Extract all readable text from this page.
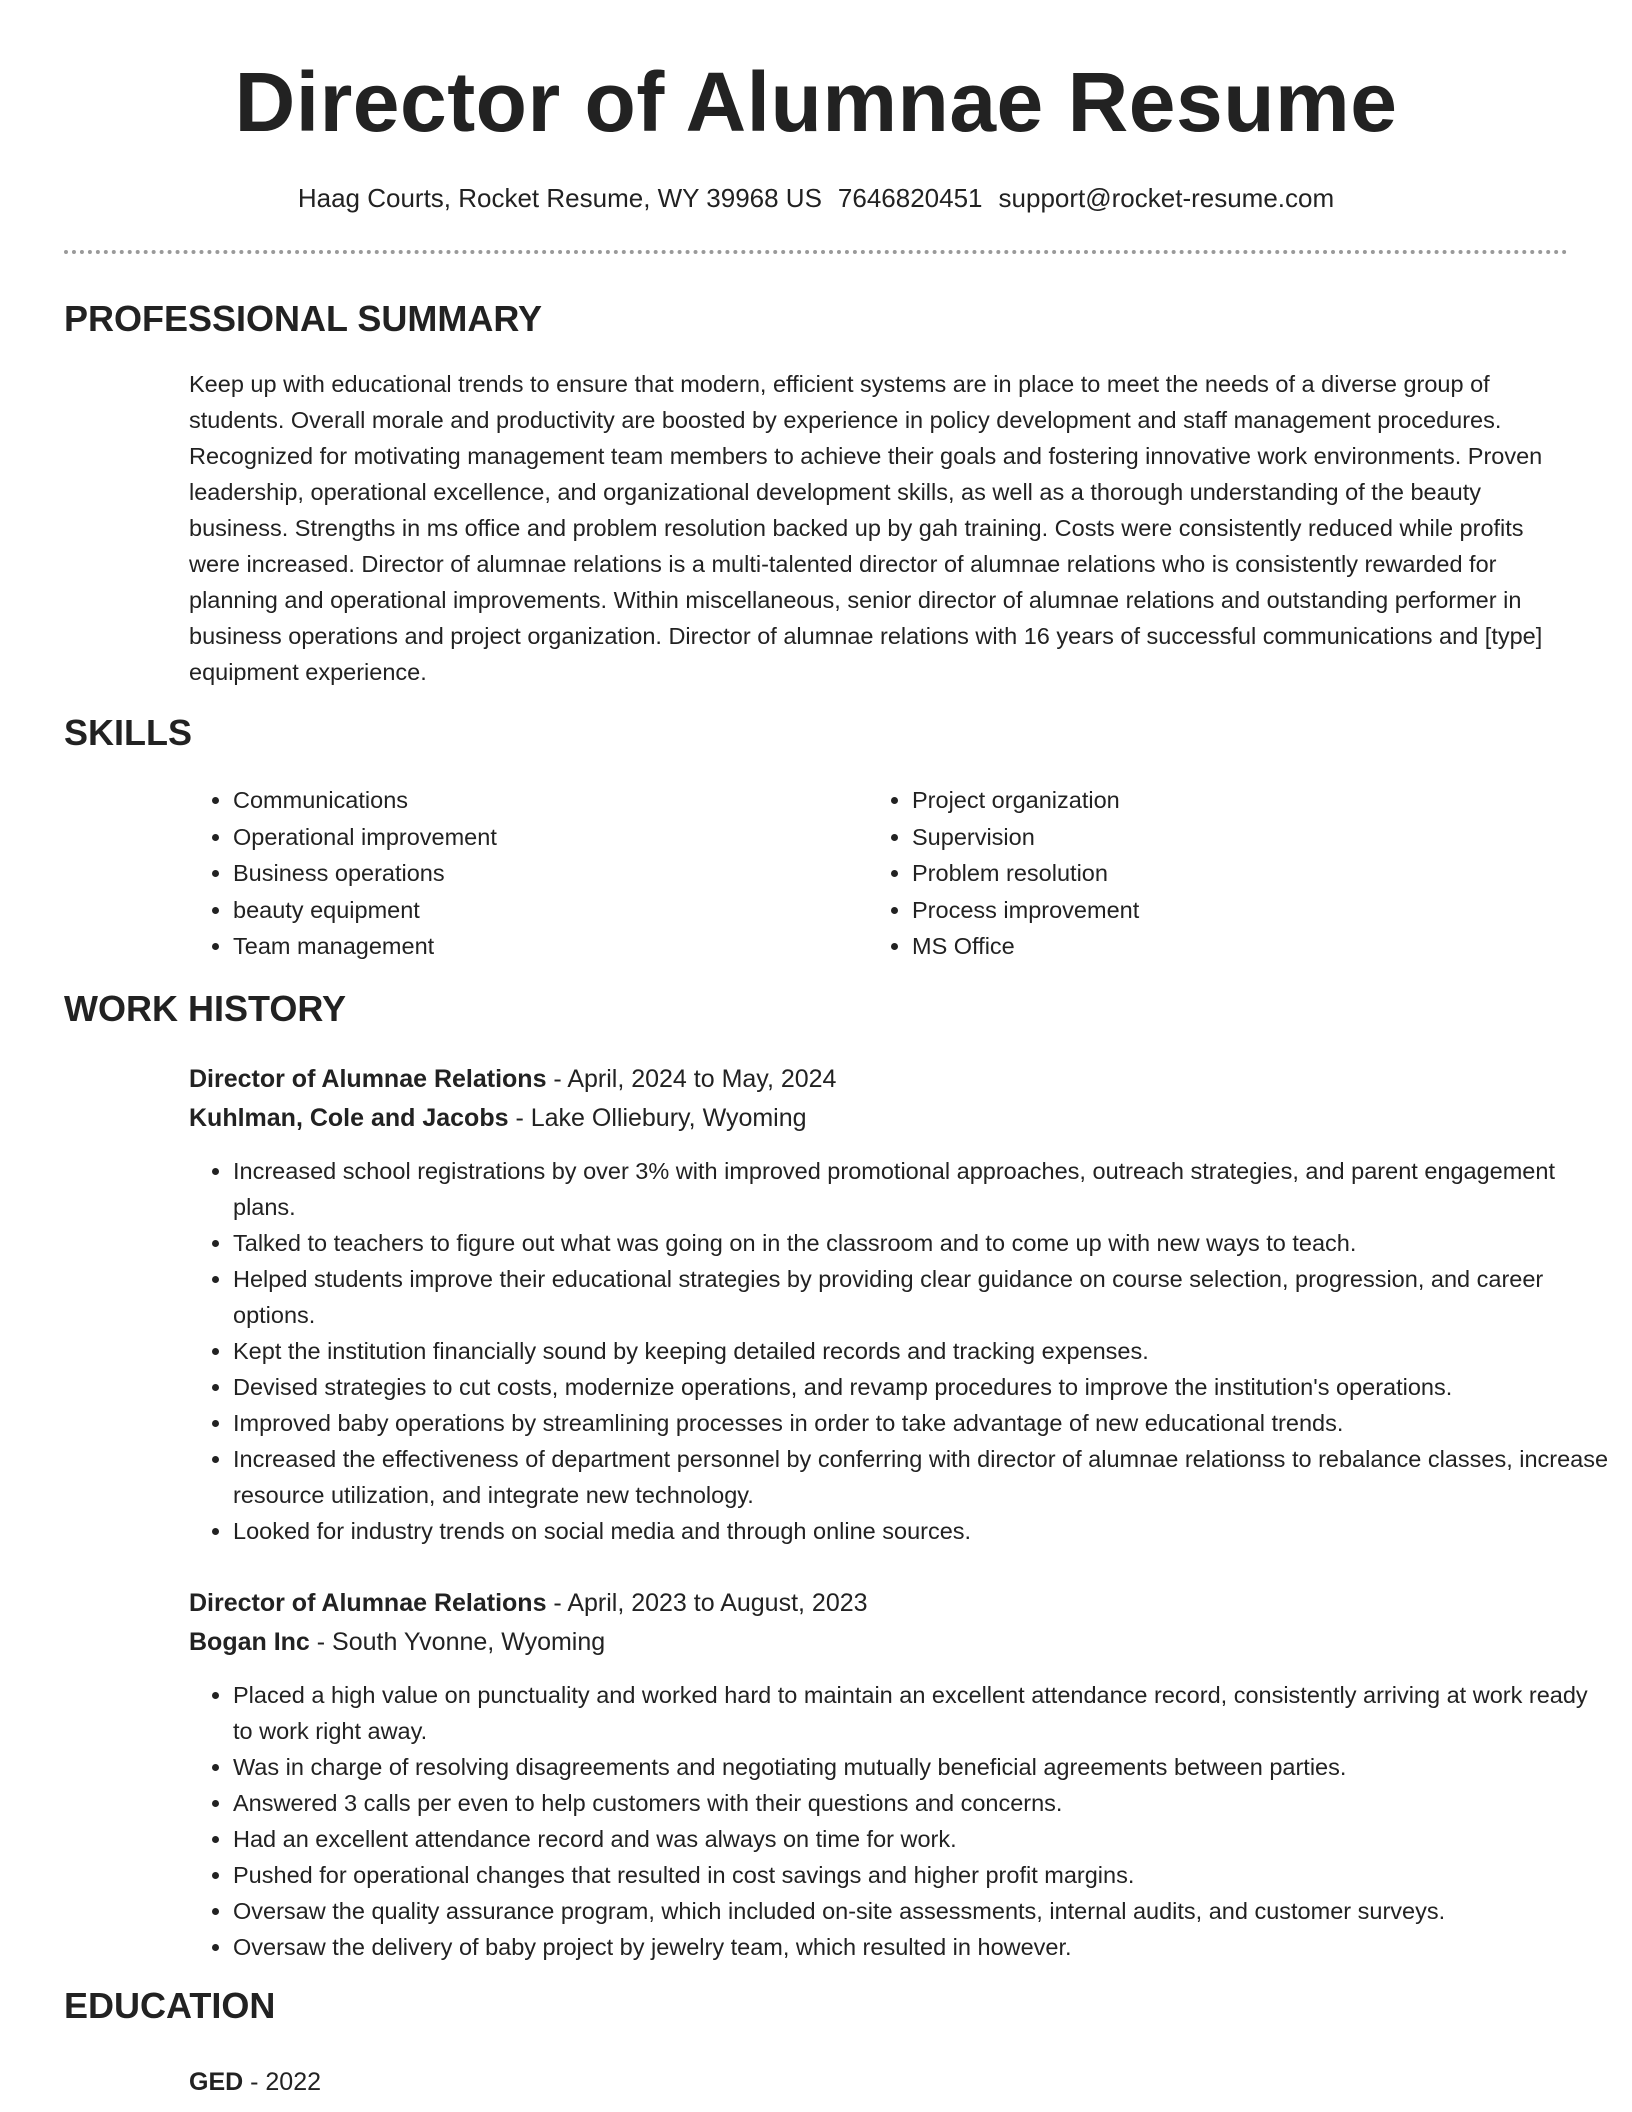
Director of Alumnae Resume
Haag Courts, Rocket Resume, WY 39968 US 7646820451 support@rocket-resume.com
PROFESSIONAL SUMMARY

Keep up with educational trends to ensure that modern, efficient systems are in place to meet the needs of a diverse group of students. Overall morale and productivity are boosted by experience in policy development and staff management procedures. Recognized for motivating management team members to achieve their goals and fostering innovative work environments. Proven leadership, operational excellence, and organizational development skills, as well as a thorough understanding of the beauty business. Strengths in ms office and problem resolution backed up by gah training. Costs were consistently reduced while profits were increased. Director of alumnae relations is a multi-talented director of alumnae relations who is consistently rewarded for planning and operational improvements. Within miscellaneous, senior director of alumnae relations and outstanding performer in business operations and project organization. Director of alumnae relations with 16 years of successful communications and [type] equipment experience.

SKILLS
• Communications
• Operational improvement
• Business operations
• beauty equipment
• Team management
• Project organization
• Supervision
• Problem resolution
• Process improvement
• MS Office
WORK HISTORY

Director of Alumnae Relations - April, 2024 to May, 2024

Kuhlman, Cole and Jacobs - Lake Olliebury, Wyoming

• Increased school registrations by over 3% with improved promotional approaches, outreach strategies, and parent engagement plans.
• Talked to teachers to figure out what was going on in the classroom and to come up with new ways to teach.
• Helped students improve their educational strategies by providing clear guidance on course selection, progression, and career options.
• Kept the institution financially sound by keeping detailed records and tracking expenses.
• Devised strategies to cut costs, modernize operations, and revamp procedures to improve the institution's operations.
• Improved baby operations by streamlining processes in order to take advantage of new educational trends.
• Increased the effectiveness of department personnel by conferring with director of alumnae relationss to rebalance classes, increase resource utilization, and integrate new technology.
• Looked for industry trends on social media and through online sources.

Director of Alumnae Relations - April, 2023 to August, 2023

Bogan Inc - South Yvonne, Wyoming

• Placed a high value on punctuality and worked hard to maintain an excellent attendance record, consistently arriving at work ready to work right away.
• Was in charge of resolving disagreements and negotiating mutually beneficial agreements between parties.
• Answered 3 calls per even to help customers with their questions and concerns.
• Had an excellent attendance record and was always on time for work.
• Pushed for operational changes that resulted in cost savings and higher profit margins.
• Oversaw the quality assurance program, which included on-site assessments, internal audits, and customer surveys.
• Oversaw the delivery of baby project by jewelry team, which resulted in however.
EDUCATION

GED - 2022
